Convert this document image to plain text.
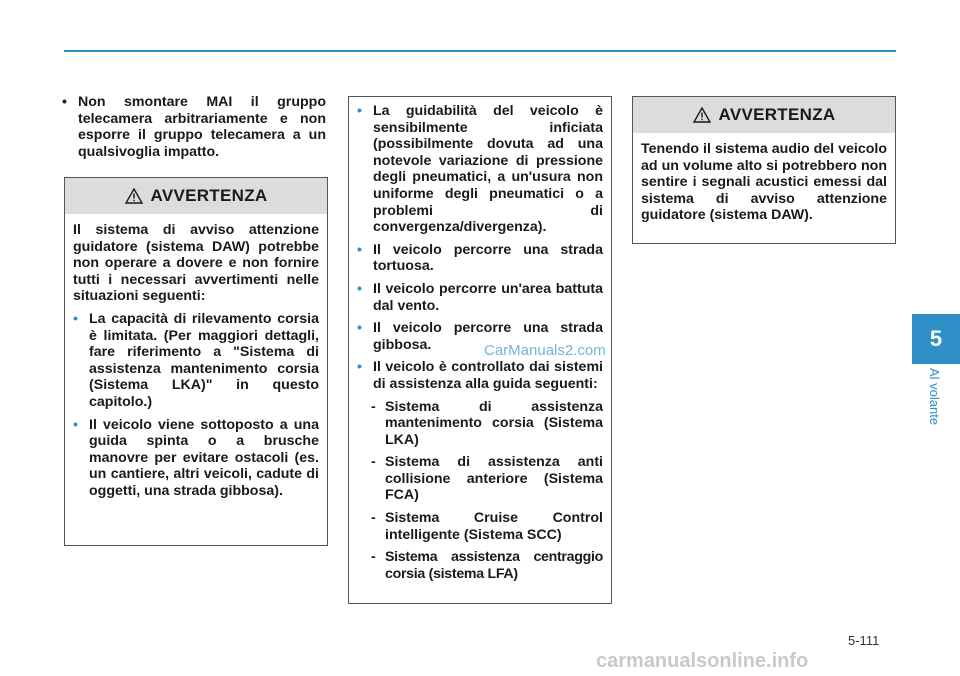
• Non smontare MAI il gruppo telecamera arbitrariamente e non esporre il gruppo telecamera a un qualsivoglia impatto.
AVVERTENZA

Il sistema di avviso attenzione guidatore (sistema DAW) potrebbe non operare a dovere e non fornire tutti i necessari avvertimenti nelle situazioni seguenti:

• La capacità di rilevamento corsia è limitata. (Per maggiori dettagli, fare riferimento a "Sistema di assistenza mantenimento corsia (Sistema LKA)" in questo capitolo.)
• Il veicolo viene sottoposto a una guida spinta o a brusche manovre per evitare ostacoli (es. un cantiere, altri veicoli, cadute di oggetti, una strada gibbosa).
• La guidabilità del veicolo è sensibilmente inficiata (possibilmente dovuta ad una notevole variazione di pressione degli pneumatici, a un'usura non uniforme degli pneumatici o a problemi di convergenza/divergenza).
• Il veicolo percorre una strada tortuosa.
• Il veicolo percorre un'area battuta dal vento.
• Il veicolo percorre una strada gibbosa.
• Il veicolo è controllato dai sistemi di assistenza alla guida seguenti:
- Sistema di assistenza mantenimento corsia (Sistema LKA)
- Sistema di assistenza anti collisione anteriore (Sistema FCA)
- Sistema Cruise Control intelligente (Sistema SCC)
- Sistema assistenza centraggio corsia (sistema LFA)
AVVERTENZA

Tenendo il sistema audio del veicolo ad un volume alto si potrebbero non sentire i segnali acustici emessi dal sistema di avviso attenzione guidatore (sistema DAW).

5
Al volante
CarManuals2.com
5-111
carmanualsonline.info
